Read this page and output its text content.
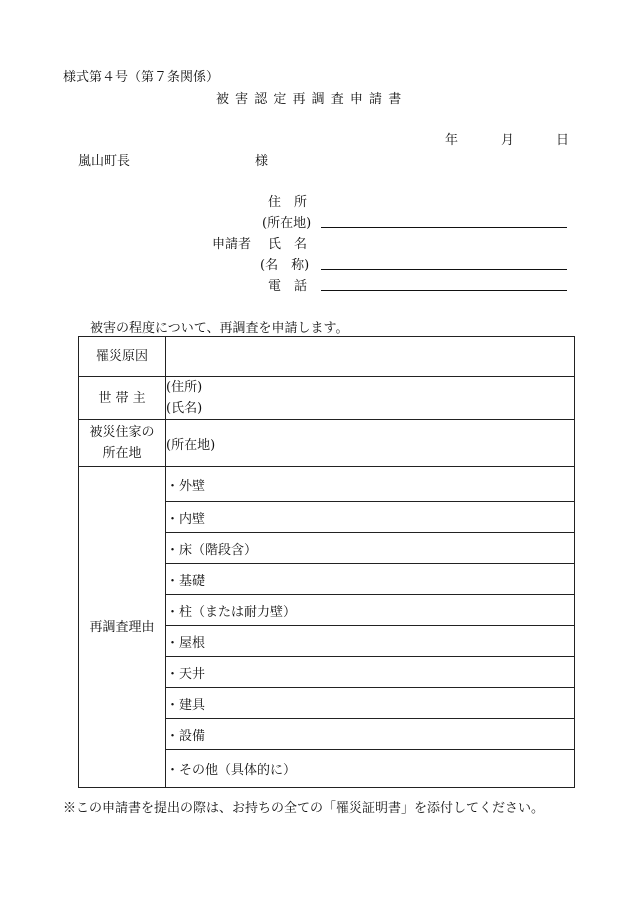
様式第４号（第７条関係）
被 害 認 定 再 調 査 申 請 書
年	月	日
嵐山町長	様
住　所
(所在地)
申請者 氏　名
(名　称)
電　話
被害の程度について、再調査を申請します。
罹災原因	
世 帯 主	(住所)
(氏名)

被災住家の
所在地	(所在地)
再調査理由	・外壁
	・内壁
	・床（階段含）
	・基礎
	・柱（または耐力壁）
	・屋根
	・天井
	・建具
	・設備
	・その他（具体的に）
※この申請書を提出の際は、お持ちの全ての「罹災証明書」を添付してください。
